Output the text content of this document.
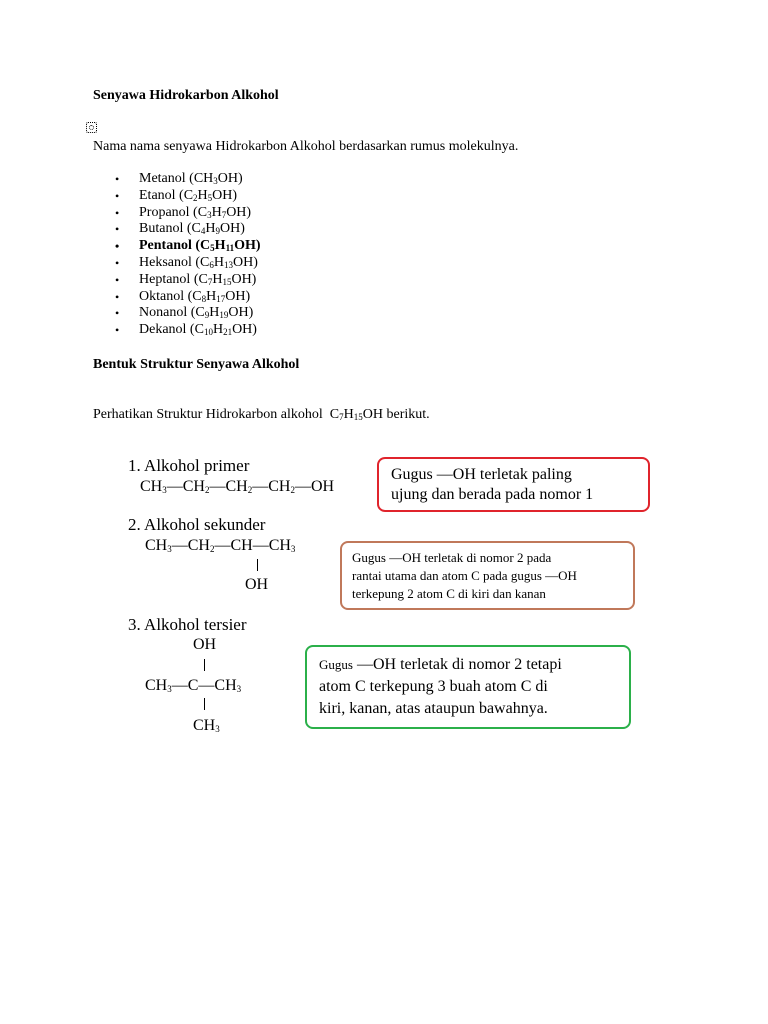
Senyawa Hidrokarbon Alkohol
Nama nama senyawa Hidrokarbon Alkohol berdasarkan rumus molekulnya.
• Metanol $(CH_3OH)$
• Etanol $(C_2H_5OH)$
• Propanol $(C_3H_7OH)$
• Butanol $(C_4H_9OH)$
• Pentanol $(C_5H_{11}OH)$
• Heksanol $(C_6H_{13}OH)$
• Heptanol $(C_7H_{15}OH)$
• Oktanol $(C_8H_{17}OH)$
• Nonanol $(C_9H_{19}OH)$
• Dekanol $(C_{10}H_{21}OH)$
Bentuk Struktur Senyawa Alkohol
Perhatikan Struktur Hidrokarbon alkohol $C_7H_{15}OH$ berikut.
1. Alkohol primer
$CH_3—CH_2—CH_2—CH_2—OH$
Gugus —OH terletak paling
ujung dan berada pada nomor 1
2. Alkohol sekunder
$CH_3—CH_2—CH—CH_3$
OH
Gugus —OH terletak di nomor 2 pada
rantai utama dan atom C pada gugus —OH
terkepung 2 atom C di kiri dan kanan
3. Alkohol tersier
OH
$CH_3—C—CH_3$
$CH_3$
Gugus —OH terletak di nomor 2 tetapi
atom C terkepung 3 buah atom C di
kiri, kanan, atas ataupun bawahnya.
